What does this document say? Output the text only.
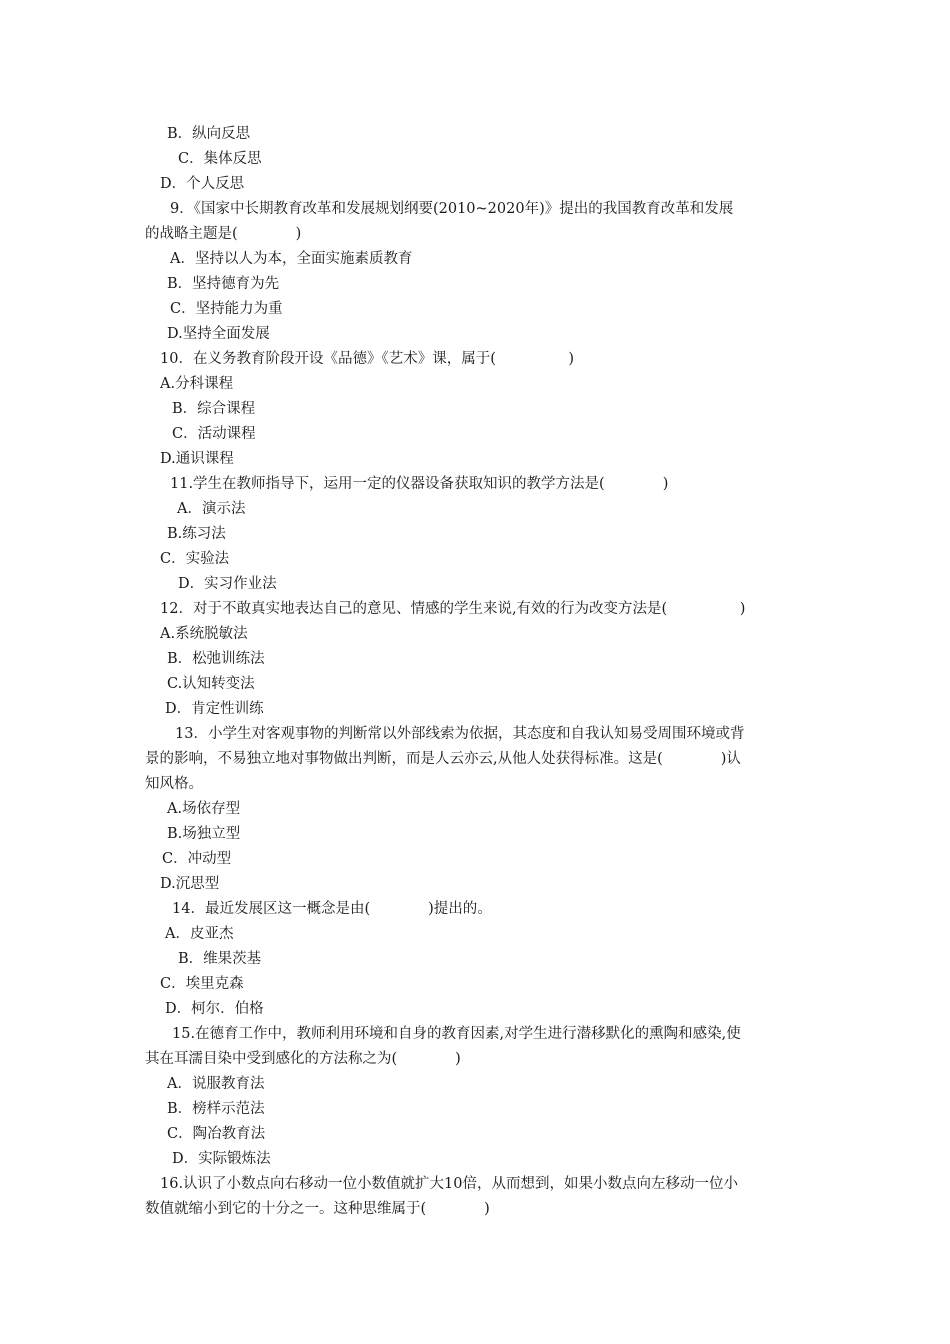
B．纵向反思
C．集体反思
D．个人反思
9．《国家中长期教育改革和发展规划纲要(2010~2020年)》提出的我国教育改革和发展
的战略主题是(　　　　)
A．坚持以人为本，全面实施素质教育
B．坚持德育为先
C．坚持能力为重
D.坚持全面发展
10．在义务教育阶段开设《品德》《艺术》课，属于(　　　　　)
A.分科课程
B．综合课程
C．活动课程
D.通识课程
11.学生在教师指导下，运用一定的仪器设备获取知识的教学方法是(　　　　)
A．演示法
B.练习法
C．实验法
D．实习作业法
12．对于不敢真实地表达自己的意见、情感的学生来说,有效的行为改变方法是(　　　　　)
A.系统脱敏法
B．松弛训练法
C.认知转变法
D．肯定性训练
13．小学生对客观事物的判断常以外部线索为依据，其态度和自我认知易受周围环境或背
景的影响，不易独立地对事物做出判断，而是人云亦云,从他人处获得标准。这是(　　　　)认
知风格。
A.场依存型
B.场独立型
C．冲动型
D.沉思型
14．最近发展区这一概念是由(　　　　)提出的。
A．皮亚杰
B．维果茨基
C．埃里克森
D．柯尔．伯格
15.在德育工作中，教师利用环境和自身的教育因素,对学生进行潜移默化的熏陶和感染,使
其在耳濡目染中受到感化的方法称之为(　　　　)
A．说服教育法
B．榜样示范法
C．陶冶教育法
D．实际锻炼法
16.认识了小数点向右移动一位小数值就扩大10倍，从而想到，如果小数点向左移动一位小
数值就缩小到它的十分之一。这种思维属于(　　　　)
